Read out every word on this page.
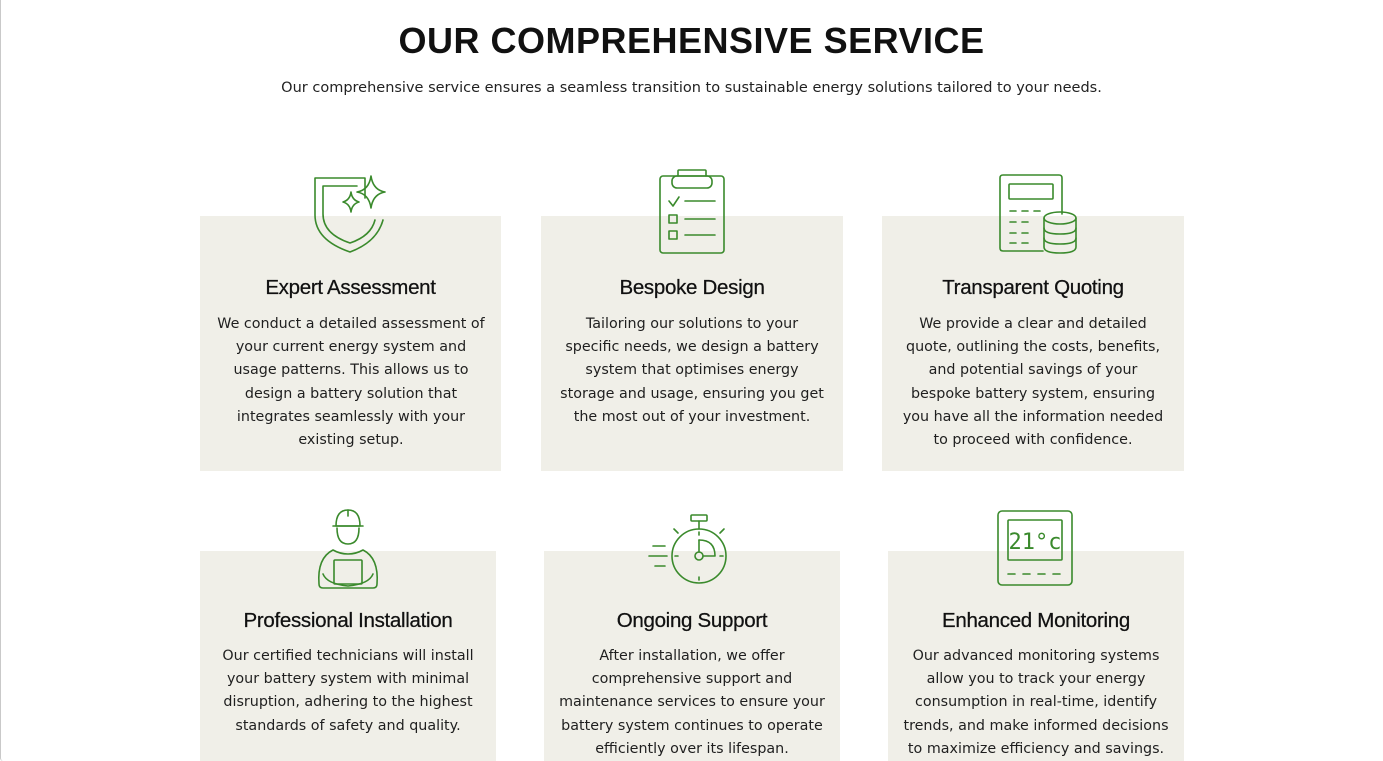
OUR COMPREHENSIVE SERVICE

Our comprehensive service ensures a seamless transition to sustainable energy solutions tailored to your needs.

Expert Assessment

We conduct a detailed assessment of your current energy system and usage patterns. This allows us to design a battery solution that integrates seamlessly with your existing setup.

Bespoke Design

Tailoring our solutions to your specific needs, we design a battery system that optimises energy storage and usage, ensuring you get the most out of your investment.

Transparent Quoting

We provide a clear and detailed quote, outlining the costs, benefits, and potential savings of your bespoke battery system, ensuring you have all the information needed to proceed with confidence.

Professional Installation

Our certified technicians will install your battery system with minimal disruption, adhering to the highest standards of safety and quality.

Ongoing Support

After installation, we offer comprehensive support and maintenance services to ensure your battery system continues to operate efficiently over its lifespan.

21°c
Enhanced Monitoring

Our advanced monitoring systems allow you to track your energy consumption in real-time, identify trends, and make informed decisions to maximize efficiency and savings.
